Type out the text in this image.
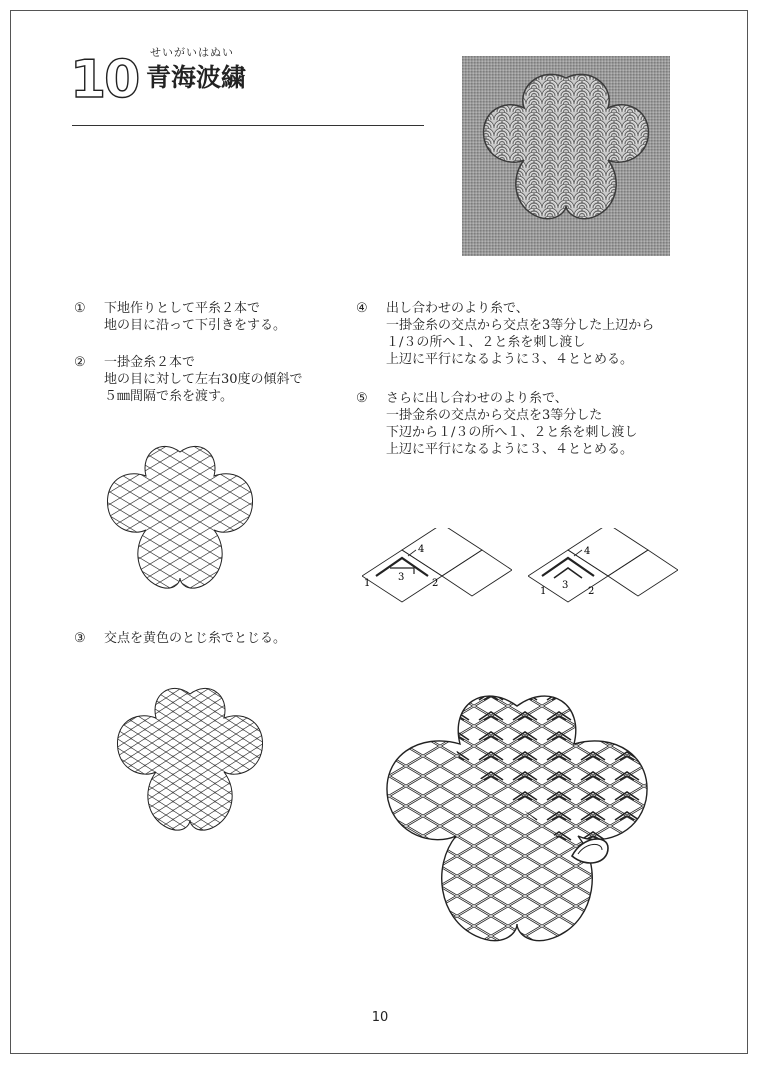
10 せいがいはぬい
青海波繍
① 下地作りとして平糸２本で
地の目に沿って下引きをする。
② 一掛金糸２本で
地の目に対して左右30度の傾斜で
５㎜間隔で糸を渡す。
③ 交点を黄色のとじ糸でとじる。
④ 出し合わせのより糸で、
一掛金糸の交点から交点を3等分した上辺から
１/３の所へ１、２と糸を刺し渡し
上辺に平行になるように３、４ととめる。
⑤ さらに出し合わせのより糸で、
一掛金糸の交点から交点を3等分した
下辺から１/３の所へ１、２と糸を刺し渡し
上辺に平行になるように３、４ととめる。
1	2
3
4
1	2
3
4
10
